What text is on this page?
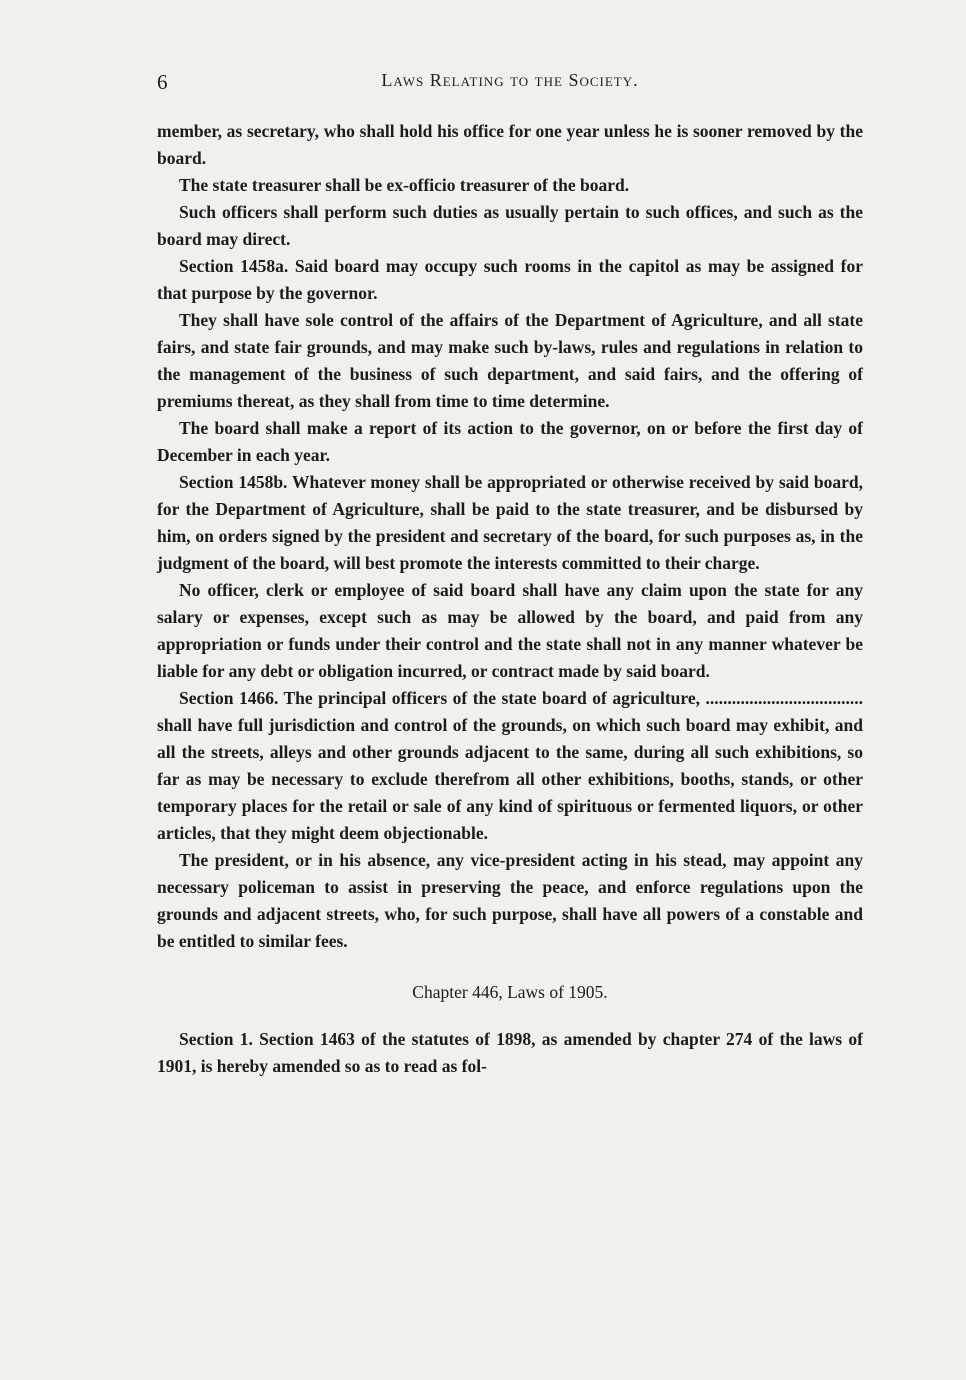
6	Laws Relating to the Society.

member, as secretary, who shall hold his office for one year unless he is sooner removed by the board.

The state treasurer shall be ex-officio treasurer of the board.

Such officers shall perform such duties as usually pertain to such offices, and such as the board may direct.

Section 1458a. Said board may occupy such rooms in the capitol as may be assigned for that purpose by the governor.

They shall have sole control of the affairs of the Department of Agriculture, and all state fairs, and state fair grounds, and may make such by-laws, rules and regulations in relation to the management of the business of such department, and said fairs, and the offering of premiums thereat, as they shall from time to time determine.

The board shall make a report of its action to the governor, on or before the first day of December in each year.

Section 1458b. Whatever money shall be appropriated or otherwise received by said board, for the Department of Agriculture, shall be paid to the state treasurer, and be disbursed by him, on orders signed by the president and secretary of the board, for such purposes as, in the judgment of the board, will best promote the interests committed to their charge.

No officer, clerk or employee of said board shall have any claim upon the state for any salary or expenses, except such as may be allowed by the board, and paid from any appropriation or funds under their control and the state shall not in any manner whatever be liable for any debt or obligation incurred, or contract made by said board.

Section 1466. The principal officers of the state board of agriculture, .................................... shall have full jurisdiction and control of the grounds, on which such board may exhibit, and all the streets, alleys and other grounds adjacent to the same, during all such exhibitions, so far as may be necessary to exclude therefrom all other exhibitions, booths, stands, or other temporary places for the retail or sale of any kind of spirituous or fermented liquors, or other articles, that they might deem objectionable.

The president, or in his absence, any vice-president acting in his stead, may appoint any necessary policeman to assist in preserving the peace, and enforce regulations upon the grounds and adjacent streets, who, for such purpose, shall have all powers of a constable and be entitled to similar fees.

Chapter 446, Laws of 1905.

Section 1. Section 1463 of the statutes of 1898, as amended by chapter 274 of the laws of 1901, is hereby amended so as to read as fol-
